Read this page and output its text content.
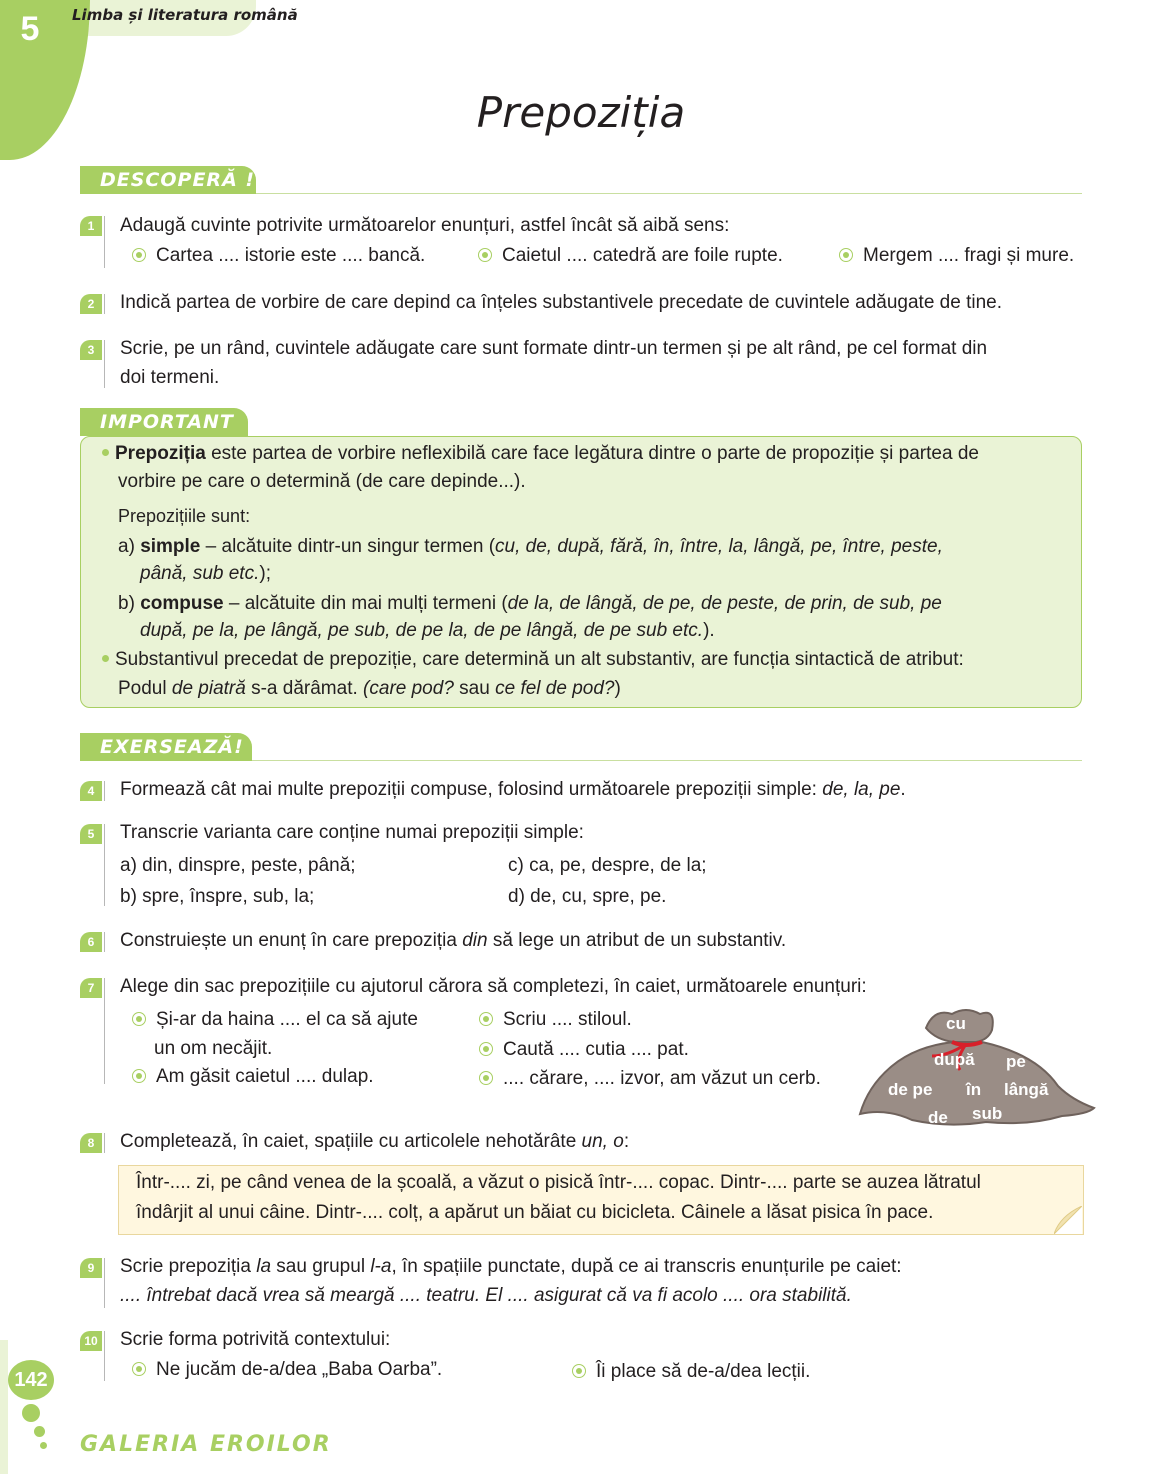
5	Limba și literatura română
Prepoziția
DESCOPERĂ !
1	Adaugă cuvinte potrivite următoarelor enunțuri, astfel încât să aibă sens:
Cartea .... istorie este .... bancă.	Caietul .... catedră are foile rupte.	Mergem .... fragi și mure.
2	Indică partea de vorbire de care depind ca înțeles substantivele precedate de cuvintele adăugate de tine.
3	Scrie, pe un rând, cuvintele adăugate care sunt formate dintr-un termen și pe alt rând, pe cel format din
doi termeni.
IMPORTANT
Prepoziția este partea de vorbire neflexibilă care face legătura dintre o parte de propoziție și partea de
vorbire pe care o determină (de care depinde...).
Prepozițiile sunt:
a) simple – alcătuite dintr-un singur termen (cu, de, după, fără, în, între, la, lângă, pe, între, peste,
până, sub etc.);
b) compuse – alcătuite din mai mulți termeni (de la, de lângă, de pe, de peste, de prin, de sub, pe
după, pe la, pe lângă, pe sub, de pe la, de pe lângă, de pe sub etc.).
Substantivul precedat de prepoziție, care determină un alt substantiv, are funcția sintactică de atribut:
Podul de piatră s-a dărâmat. (care pod? sau ce fel de pod?)
EXERSEAZĂ!
4	Formează cât mai multe prepoziții compuse, folosind următoarele prepoziții simple: de, la, pe.
5	Transcrie varianta care conține numai prepoziții simple:
a) din, dinspre, peste, până;	c) ca, pe, despre, de la;
b) spre, înspre, sub, la;	d) de, cu, spre, pe.
6	Construiește un enunț în care prepoziția din să lege un atribut de un substantiv.
7	Alege din sac prepozițiile cu ajutorul cărora să completezi, în caiet, următoarele enunțuri:
Și-ar da haina .... el ca să ajute
un om necăjit.
Am găsit caietul .... dulap.
Scriu .... stiloul.
Caută .... cutia .... pat.
.... cărare, .... izvor, am văzut un cerb.
cu
după pe
de pe în lângă
de sub
8	Completează, în caiet, spațiile cu articolele nehotărâte un, o:
Într-.... zi, pe când venea de la școală, a văzut o pisică într-.... copac. Dintr-.... parte se auzea lătratul
îndârjit al unui câine. Dintr-.... colț, a apărut un băiat cu bicicleta. Câinele a lăsat pisica în pace.
9	Scrie prepoziția la sau grupul l-a, în spațiile punctate, după ce ai transcris enunțurile pe caiet:
.... întrebat dacă vrea să meargă .... teatru. El .... asigurat că va fi acolo .... ora stabilită.
10 Scrie forma potrivită contextului:
Ne jucăm de-a/dea „Baba Oarba”.	Îi place să de-a/dea lecții.
142
GALERIA EROILOR
